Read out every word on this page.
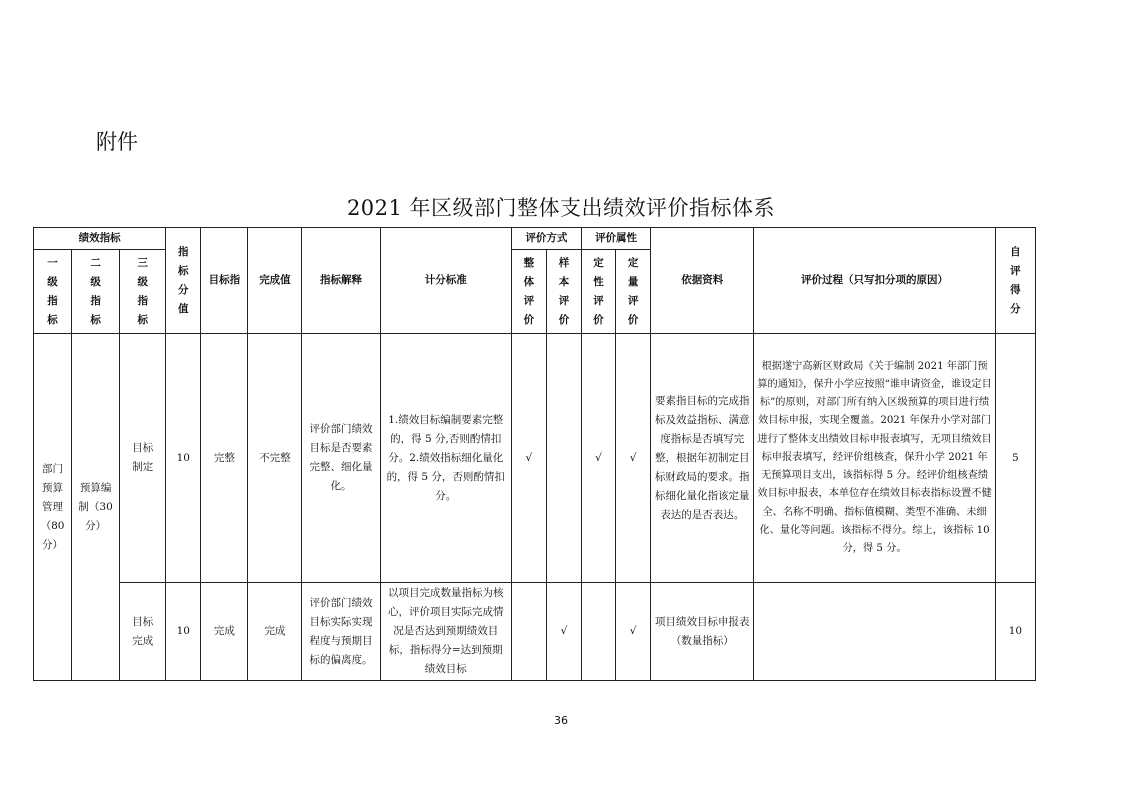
附件
2021 年区级部门整体支出绩效评价指标体系
绩效指标			指标分值	目标指	完成值	指标解释	计分标准	评价方式		评价属性		依据资料	评价过程（只写扣分项的原因）	自评得分
一级指标	二级指标	三级指标						整体评价	样本评价	定性评价	定量评价			
部门预算管理（80分）	预算编制（30分）	目标制定	10	完整	不完整	评价部门绩效目标是否要素完整、细化量化。	1.绩效目标编制要素完整的，得 5 分,否则酌情扣分。2.绩效指标细化量化的，得 5 分，否则酌情扣分。	√		√	√	要素指目标的完成指标及效益指标、满意度指标是否填写完整，根据年初制定目标财政局的要求。指标细化量化指该定量表达的是否表达。	根据遂宁高新区财政局《关于编制 2021 年部门预算的通知》，保升小学应按照“谁申请资金，谁设定目标”的原则，对部门所有纳入区级预算的项目进行绩效目标申报，实现全覆盖。2021 年保升小学对部门进行了整体支出绩效目标申报表填写，无项目绩效目标申报表填写，经评价组核查，保升小学 2021 年无预算项目支出，该指标得 5 分。经评价组核查绩效目标申报表，本单位存在绩效目标表指标设置不健全、名称不明确、指标值模糊、类型不准确、未细化、量化等问题。该指标不得分。综上，该指标 10 分，得 5 分。	5
		目标完成	10	完成	完成	评价部门绩效目标实际实现程度与预期目标的偏离度。	以项目完成数量指标为核心，评价项目实际完成情况是否达到预期绩效目标，指标得分=达到预期绩效目标		√		√	项目绩效目标申报表（数量指标）		10
36
